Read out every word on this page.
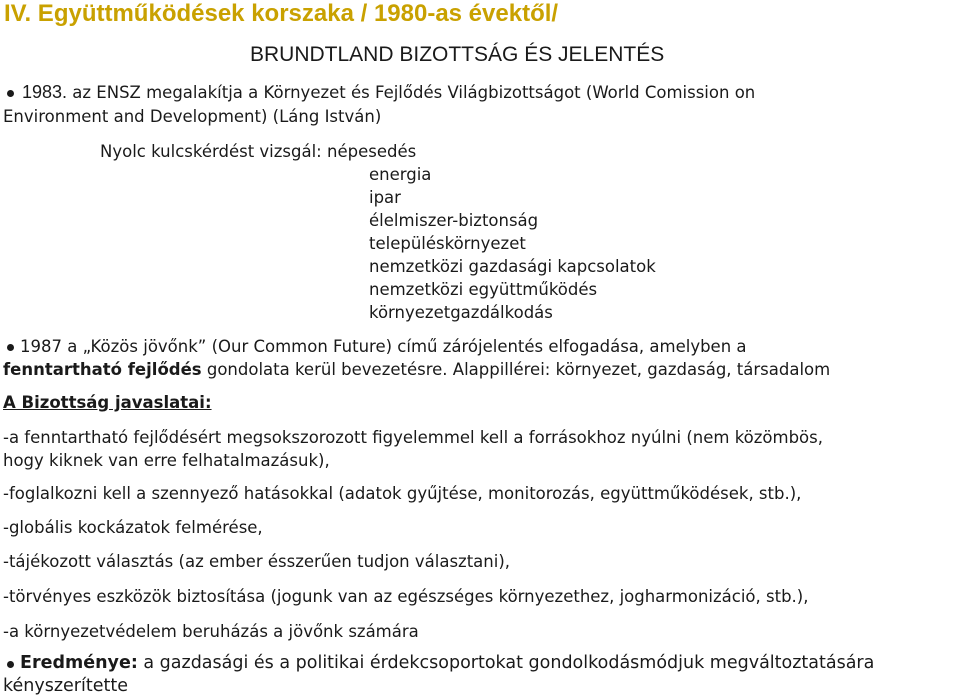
IV. Együttműködések korszaka / 1980-as évektől/
BRUNDTLAND BIZOTTSÁG ÉS JELENTÉS
1983. az ENSZ megalakítja a Környezet és Fejlődés Világbizottságot (World Comission on
Environment and Development) (Láng István)
Nyolc kulcskérdést vizsgál: népesedés
energia
ipar
élelmiszer-biztonság
településkörnyezet
nemzetközi gazdasági kapcsolatok
nemzetközi együttműködés
környezetgazdálkodás
1987 a „Közös jövőnk” (Our Common Future) című zárójelentés elfogadása, amelyben a
fenntartható fejlődés gondolata kerül bevezetésre. Alappillérei: környezet, gazdaság, társadalom
A Bizottság javaslatai:
-a fenntartható fejlődésért megsokszorozott figyelemmel kell a forrásokhoz nyúlni (nem közömbös,
hogy kiknek van erre felhatalmazásuk),
-foglalkozni kell a szennyező hatásokkal (adatok gyűjtése, monitorozás, együttműködések, stb.),
-globális kockázatok felmérése,
-tájékozott választás (az ember ésszerűen tudjon választani),
-törvényes eszközök biztosítása (jogunk van az egészséges környezethez, jogharmonizáció, stb.),
-a környezetvédelem beruházás a jövőnk számára
Eredménye: a gazdasági és a politikai érdekcsoportokat gondolkodásmódjuk megváltoztatására
kényszerítette
